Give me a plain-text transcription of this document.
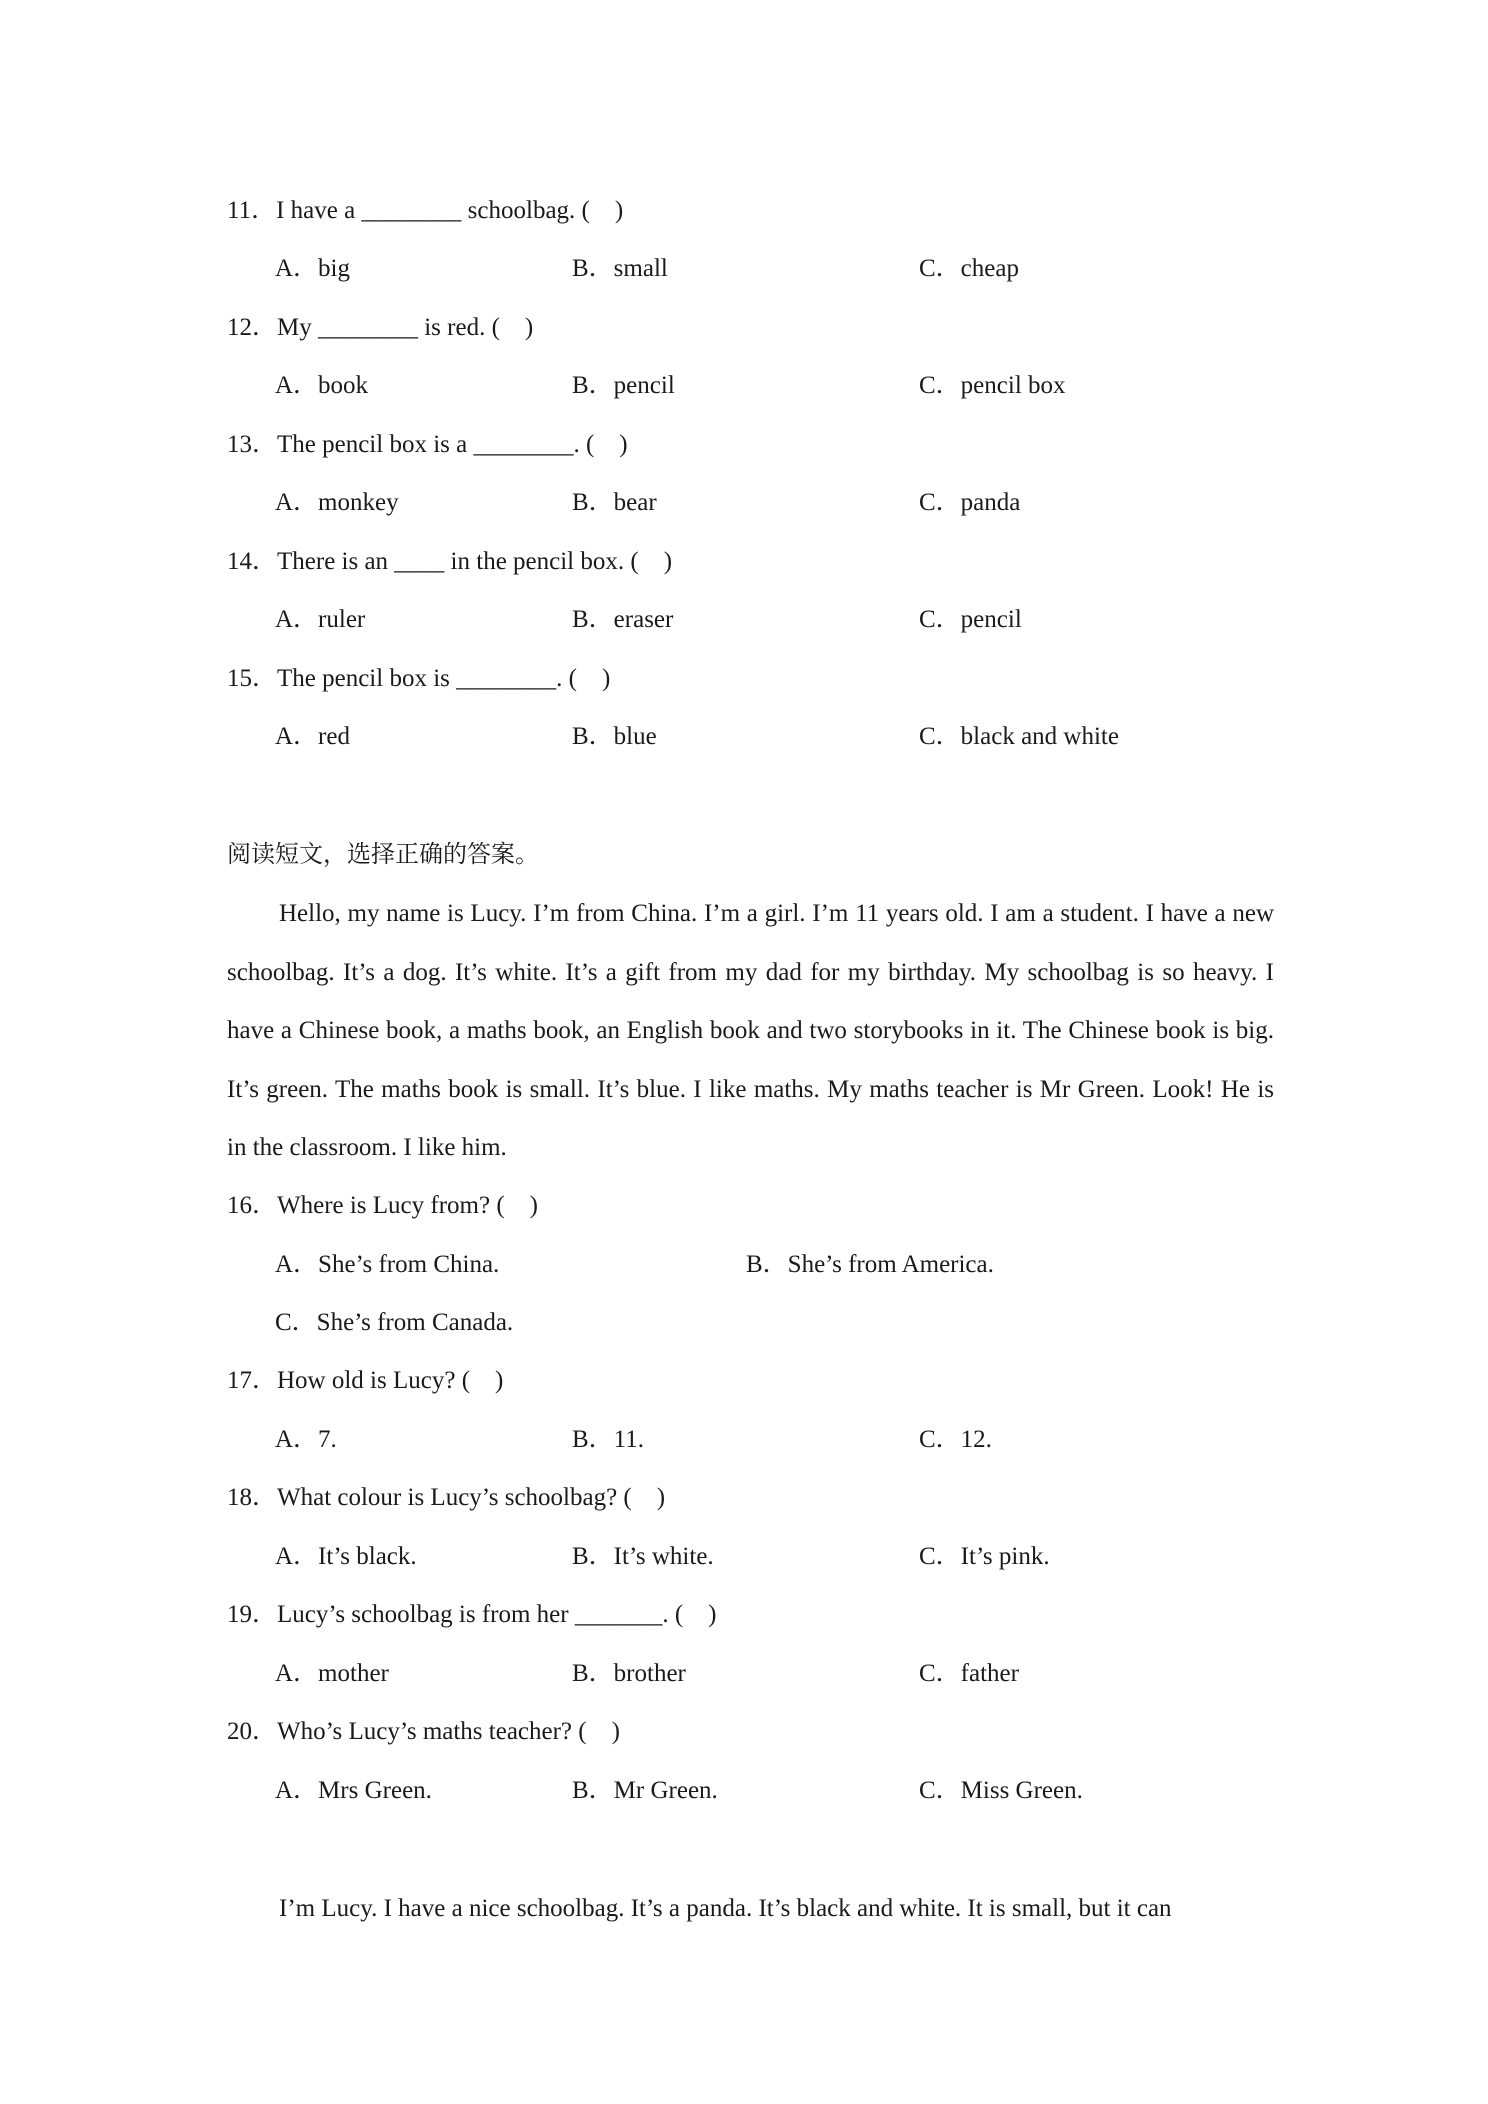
11．I have a ________ schoolbag. (    )
A．big	B．small	C．cheap
12．My ________ is red. (    )
A．book	B．pencil	C．pencil box
13．The pencil box is a ________. (    )
A．monkey	B．bear	C．panda
14．There is an ____ in the pencil box. (    )
A．ruler	B．eraser	C．pencil
15．The pencil box is ________. (    )
A．red	B．blue	C．black and white
阅读短文，选择正确的答案。
Hello, my name is Lucy. I’m from China. I’m a girl. I’m 11 years old. I am a student. I have a new schoolbag. It’s a dog. It’s white. It’s a gift from my dad for my birthday. My schoolbag is so heavy. I have a Chinese book, a maths book, an English book and two storybooks in it. The Chinese book is big. It’s green. The maths book is small. It’s blue. I like maths. My maths teacher is Mr Green. Look! He is in the classroom. I like him.
16．Where is Lucy from? (    )
A．She’s from China.	B．She’s from America.
C．She’s from Canada.
17．How old is Lucy? (    )
A．7.	B．11.	C．12.
18．What colour is Lucy’s schoolbag? (    )
A．It’s black.	B．It’s white.	C．It’s pink.
19．Lucy’s schoolbag is from her _______. (    )
A．mother	B．brother	C．father
20．Who’s Lucy’s maths teacher? (    )
A．Mrs Green.	B．Mr Green.	C．Miss Green.
I’m Lucy. I have a nice schoolbag. It’s a panda. It’s black and white. It is small, but it can
